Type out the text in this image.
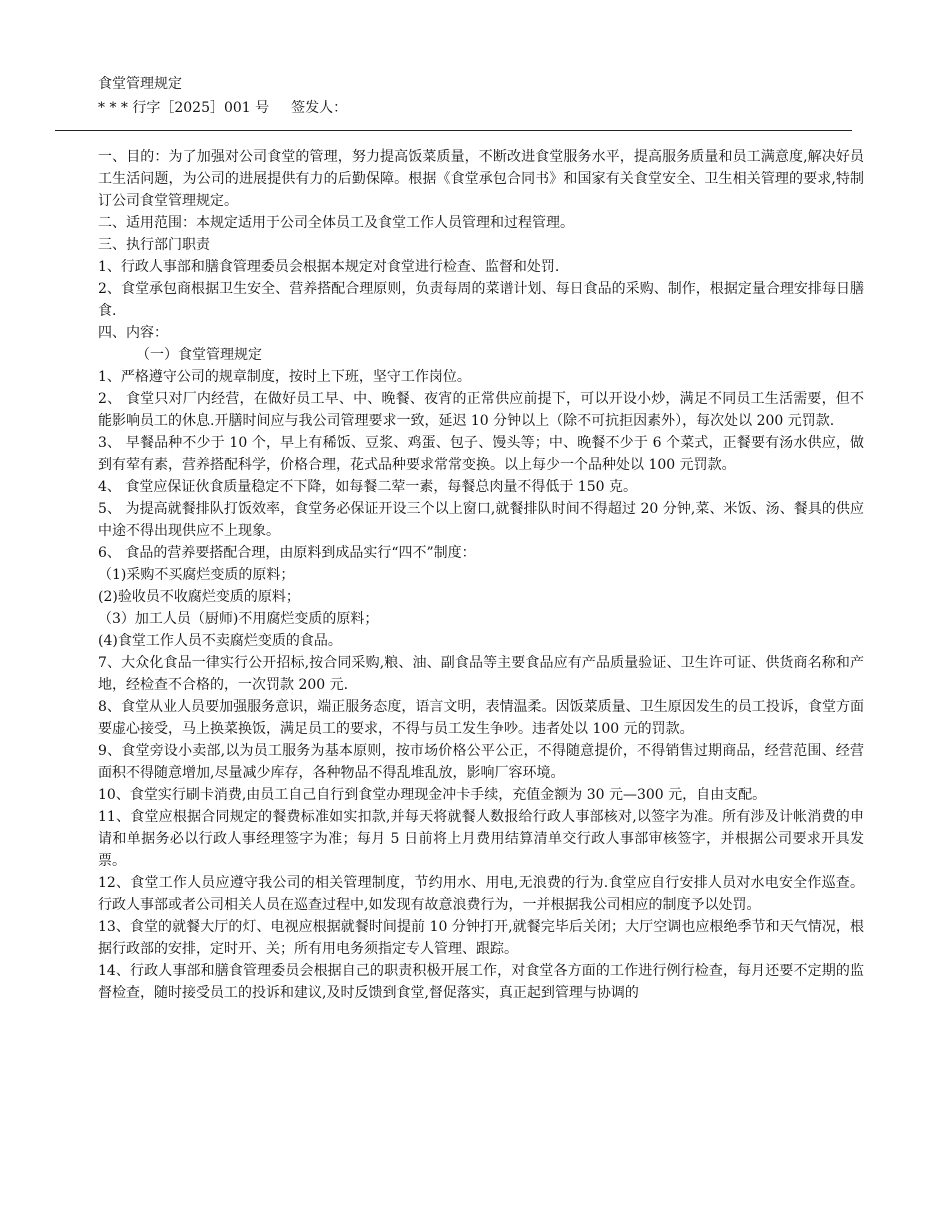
食堂管理规定
* * * 行字［2025］001 号 签发人：

一、目的：为了加强对公司食堂的管理，努力提高饭菜质量，不断改进食堂服务水平，提高服务质量和员工满意度,解决好员工生活问题，为公司的进展提供有力的后勤保障。根据《食堂承包合同书》和国家有关食堂安全、卫生相关管理的要求,特制订公司食堂管理规定。

二、适用范围：本规定适用于公司全体员工及食堂工作人员管理和过程管理。

三、执行部门职责

1、行政人事部和膳食管理委员会根据本规定对食堂进行检查、监督和处罚.

2、食堂承包商根据卫生安全、营养搭配合理原则，负责每周的菜谱计划、每日食品的采购、制作，根据定量合理安排每日膳食.

四、内容：

（一）食堂管理规定

1、严格遵守公司的规章制度，按时上下班，坚守工作岗位。

2、 食堂只对厂内经营，在做好员工早、中、晚餐、夜宵的正常供应前提下，可以开设小炒，满足不同员工生活需要，但不能影响员工的休息.开膳时间应与我公司管理要求一致，延迟 10 分钟以上（除不可抗拒因素外），每次处以 200 元罚款.

3、 早餐品种不少于 10 个，早上有稀饭、豆浆、鸡蛋、包子、馒头等；中、晚餐不少于 6 个菜式，正餐要有汤水供应，做到有荤有素，营养搭配科学，价格合理，花式品种要求常常变换。以上每少一个品种处以 100 元罚款。

4、 食堂应保证伙食质量稳定不下降，如每餐二荤一素，每餐总肉量不得低于 150 克。

5、 为提高就餐排队打饭效率，食堂务必保证开设三个以上窗口,就餐排队时间不得超过 20 分钟,菜、米饭、汤、餐具的供应中途不得出现供应不上现象。

6、 食品的营养要搭配合理，由原料到成品实行“四不”制度：

（1)采购不买腐烂变质的原料；

(2)验收员不收腐烂变质的原料；

（3）加工人员（厨师)不用腐烂变质的原料；

(4)食堂工作人员不卖腐烂变质的食品。

7、大众化食品一律实行公开招标,按合同采购,粮、油、副食品等主要食品应有产品质量验证、卫生许可证、供货商名称和产地，经检查不合格的，一次罚款 200 元.

8、食堂从业人员要加强服务意识，端正服务态度，语言文明，表情温柔。因饭菜质量、卫生原因发生的员工投诉，食堂方面要虚心接受，马上换菜换饭，满足员工的要求，不得与员工发生争吵。违者处以 100 元的罚款。

9、食堂旁设小卖部,以为员工服务为基本原则，按市场价格公平公正，不得随意提价，不得销售过期商品，经营范围、经营面积不得随意增加,尽量减少库存，各种物品不得乱堆乱放，影响厂容环境。

10、食堂实行刷卡消费,由员工自己自行到食堂办理现金冲卡手续，充值金额为 30 元—300 元，自由支配。

11、食堂应根据合同规定的餐费标准如实扣款,并每天将就餐人数报给行政人事部核对,以签字为准。所有涉及计帐消费的申请和单据务必以行政人事经理签字为准；每月 5 日前将上月费用结算清单交行政人事部审核签字，并根据公司要求开具发票。

12、食堂工作人员应遵守我公司的相关管理制度，节约用水、用电,无浪费的行为.食堂应自行安排人员对水电安全作巡查。行政人事部或者公司相关人员在巡查过程中,如发现有故意浪费行为，一并根据我公司相应的制度予以处罚。

13、食堂的就餐大厅的灯、电视应根据就餐时间提前 10 分钟打开,就餐完毕后关闭；大厅空调也应根绝季节和天气情况，根据行政部的安排，定时开、关；所有用电务须指定专人管理、跟踪。

14、行政人事部和膳食管理委员会根据自己的职责积极开展工作，对食堂各方面的工作进行例行检查，每月还要不定期的监督检查，随时接受员工的投诉和建议,及时反馈到食堂,督促落实，真正起到管理与协调的
